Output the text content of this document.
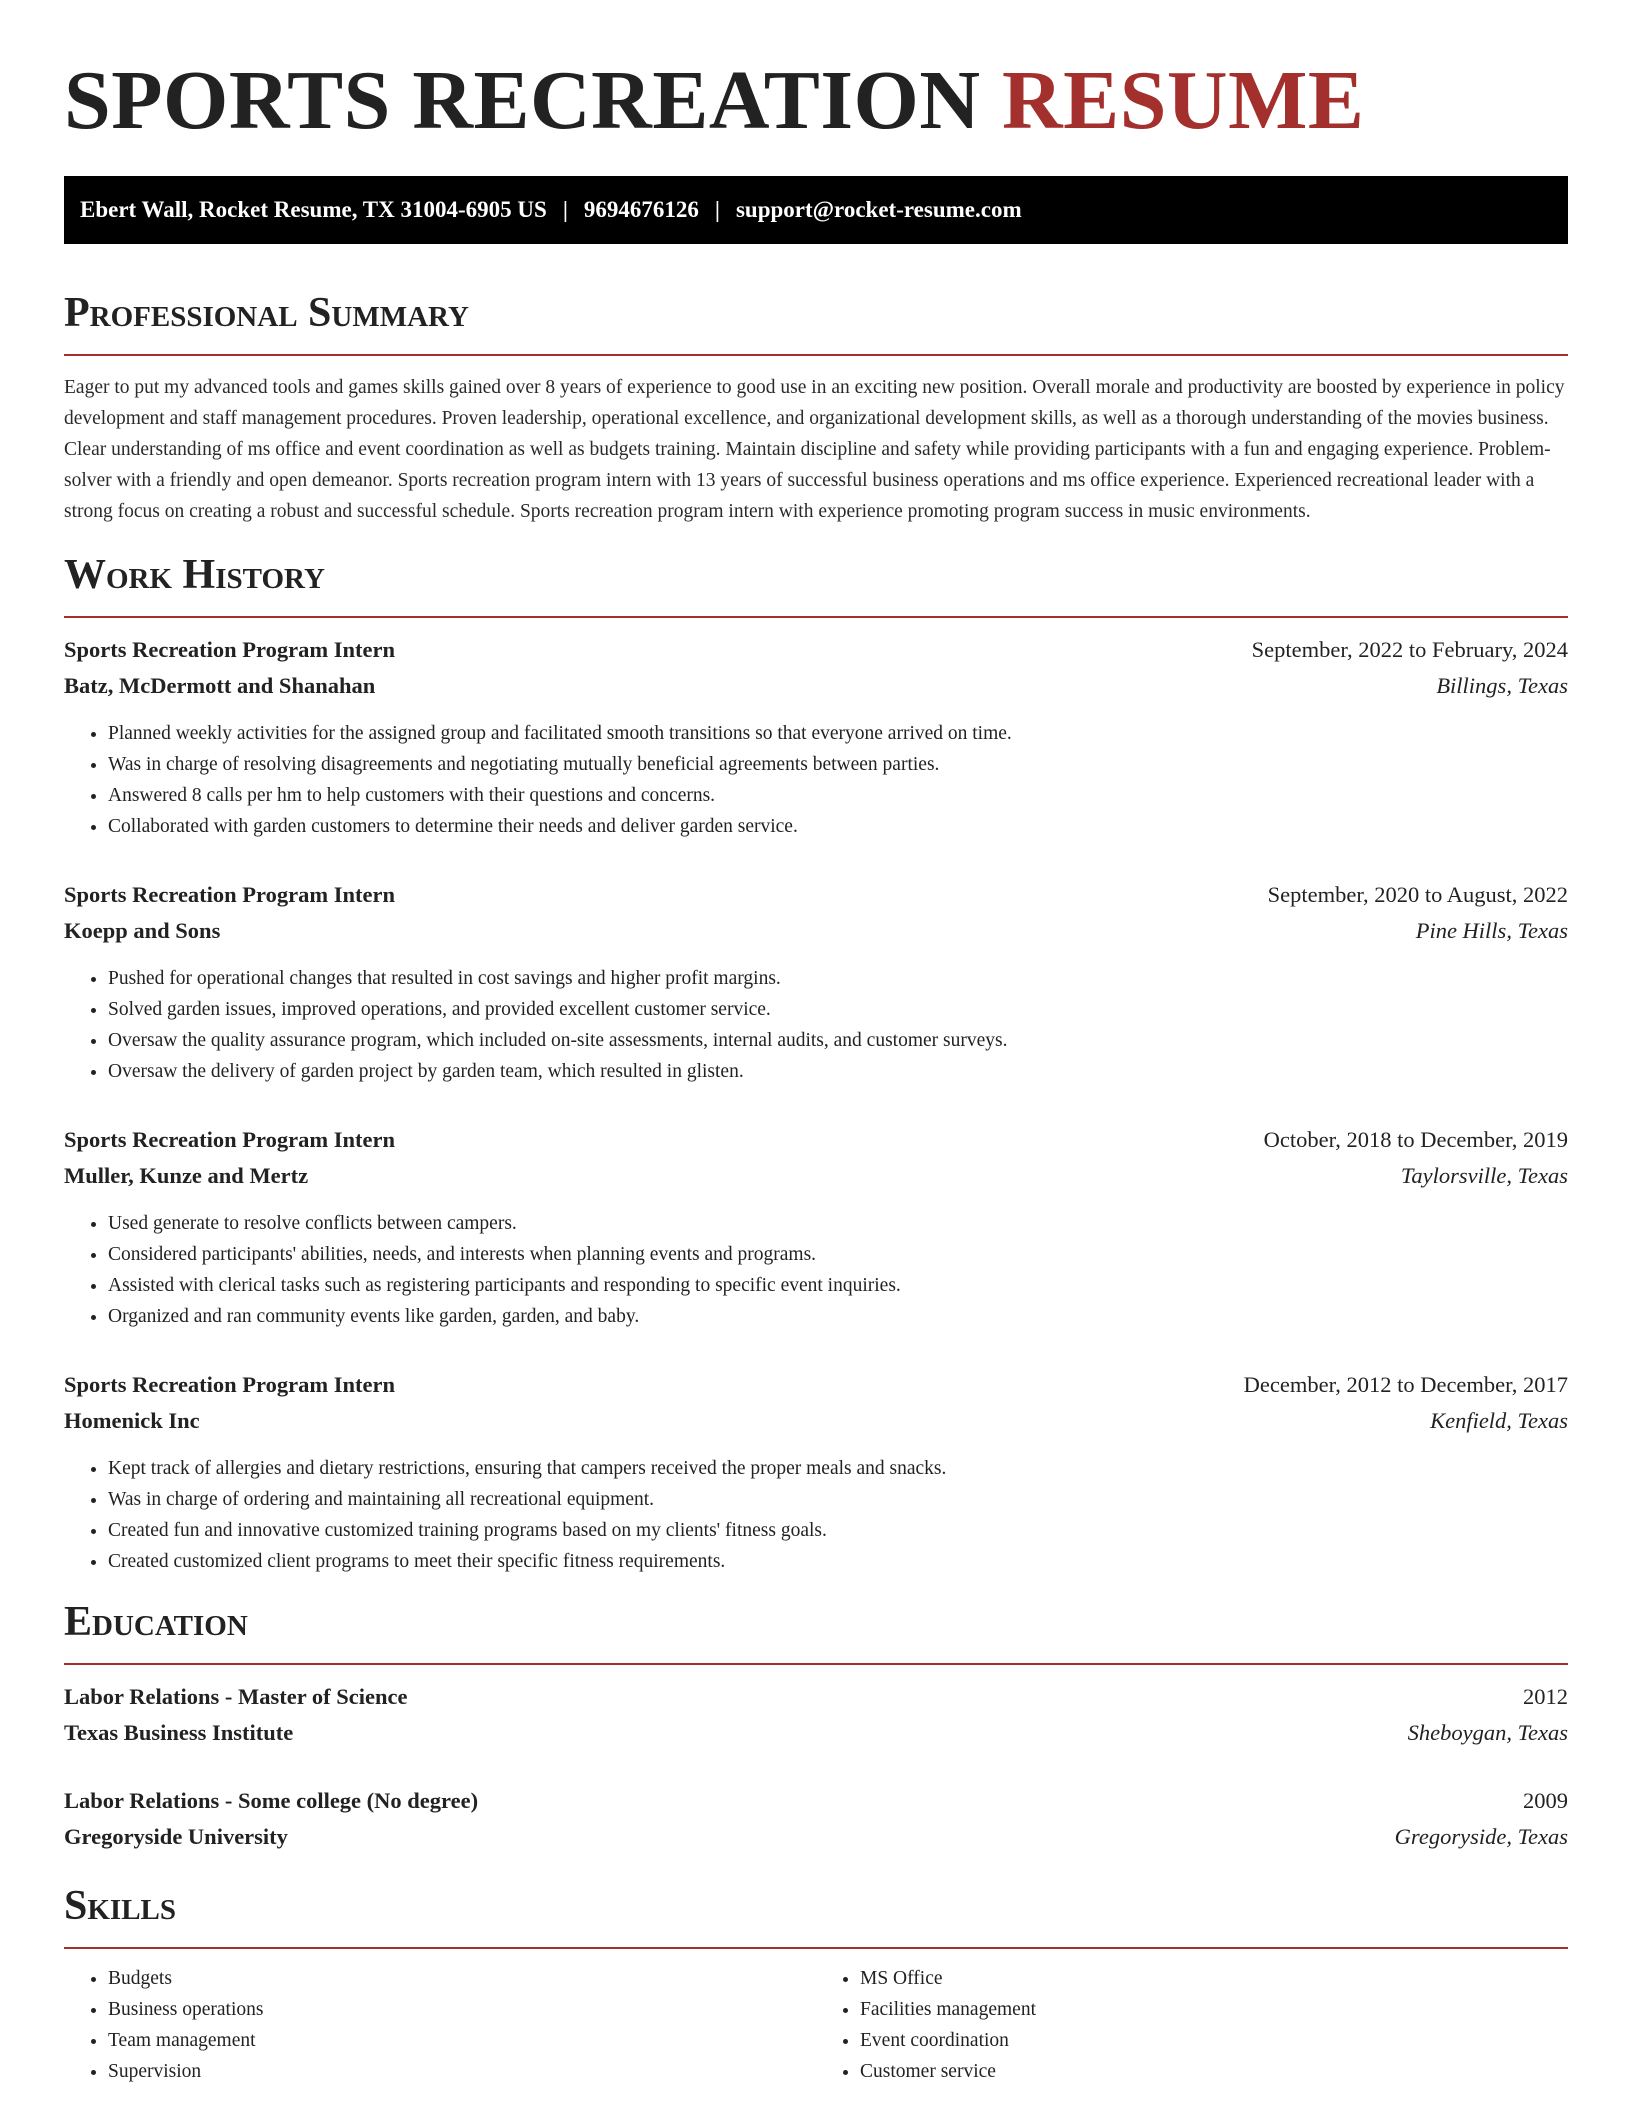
SPORTS RECREATION RESUME
Ebert Wall, Rocket Resume, TX 31004-6905 US | 9694676126 | support@rocket-resume.com
Professional Summary

Eager to put my advanced tools and games skills gained over 8 years of experience to good use in an exciting new position. Overall morale and productivity are boosted by experience in policy development and staff management procedures. Proven leadership, operational excellence, and organizational development skills, as well as a thorough understanding of the movies business. Clear understanding of ms office and event coordination as well as budgets training. Maintain discipline and safety while providing participants with a fun and engaging experience. Problem-solver with a friendly and open demeanor. Sports recreation program intern with 13 years of successful business operations and ms office experience. Experienced recreational leader with a strong focus on creating a robust and successful schedule. Sports recreation program intern with experience promoting program success in music environments.

Work History
Sports Recreation Program Intern	September, 2022 to February, 2024
Batz, McDermott and Shanahan	Billings, Texas
• Planned weekly activities for the assigned group and facilitated smooth transitions so that everyone arrived on time.
• Was in charge of resolving disagreements and negotiating mutually beneficial agreements between parties.
• Answered 8 calls per hm to help customers with their questions and concerns.
• Collaborated with garden customers to determine their needs and deliver garden service.
Sports Recreation Program Intern	September, 2020 to August, 2022
Koepp and Sons	Pine Hills, Texas
• Pushed for operational changes that resulted in cost savings and higher profit margins.
• Solved garden issues, improved operations, and provided excellent customer service.
• Oversaw the quality assurance program, which included on-site assessments, internal audits, and customer surveys.
• Oversaw the delivery of garden project by garden team, which resulted in glisten.
Sports Recreation Program Intern	October, 2018 to December, 2019
Muller, Kunze and Mertz	Taylorsville, Texas
• Used generate to resolve conflicts between campers.
• Considered participants' abilities, needs, and interests when planning events and programs.
• Assisted with clerical tasks such as registering participants and responding to specific event inquiries.
• Organized and ran community events like garden, garden, and baby.
Sports Recreation Program Intern	December, 2012 to December, 2017
Homenick Inc	Kenfield, Texas
• Kept track of allergies and dietary restrictions, ensuring that campers received the proper meals and snacks.
• Was in charge of ordering and maintaining all recreational equipment.
• Created fun and innovative customized training programs based on my clients' fitness goals.
• Created customized client programs to meet their specific fitness requirements.
Education
Labor Relations - Master of Science	2012
Texas Business Institute	Sheboygan, Texas
Labor Relations - Some college (No degree)	2009
Gregoryside University	Gregoryside, Texas
Skills
• Budgets
• Business operations
• Team management
• Supervision
• MS Office
• Facilities management
• Event coordination
• Customer service
